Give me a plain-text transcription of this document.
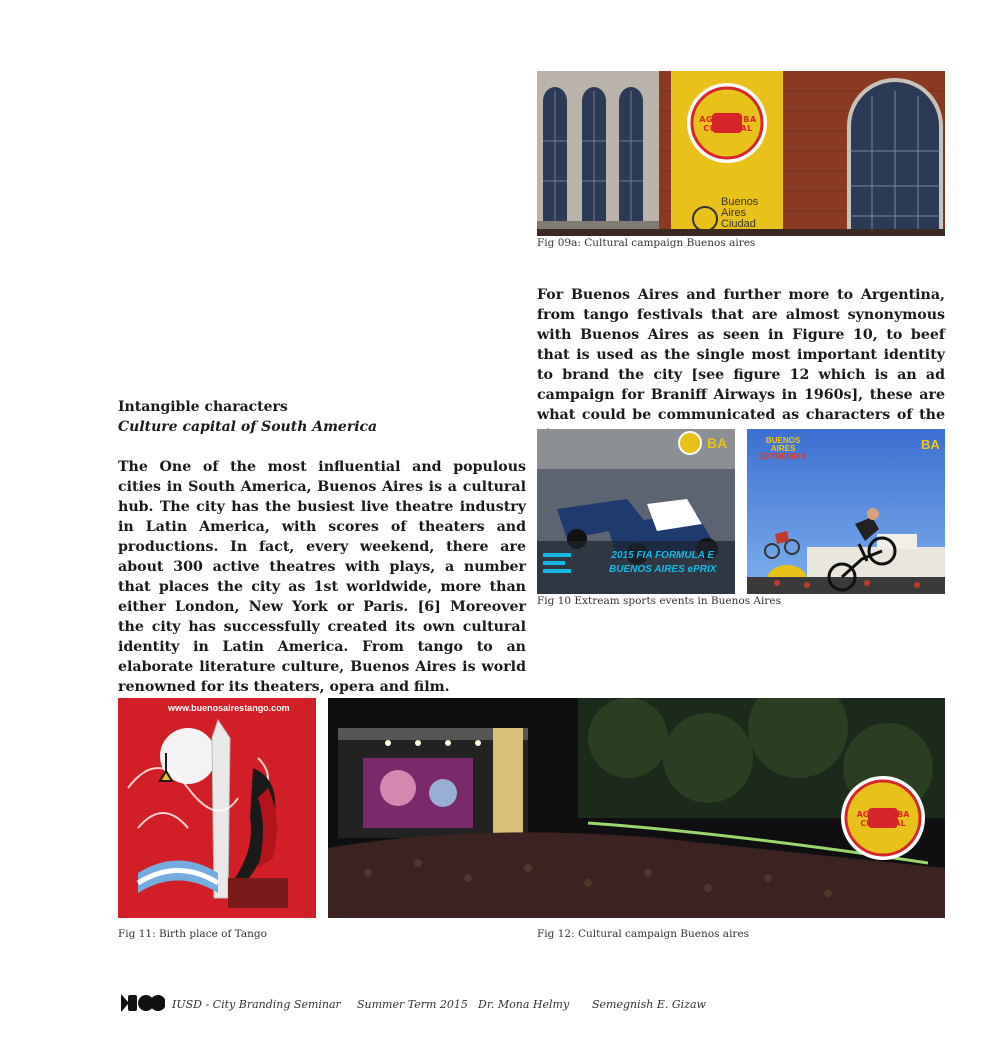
AGENDA BA CULTURAL
Buenos
Aires
Ciudad
Fig 09a: Cultural campaign Buenos aires
For Buenos Aires and further more to Argentina, from tango festivals that are almost synonymous with Buenos Aires as seen in Figure 10, to beef that is used as the single most important identity to brand the city [see figure 12 which is an ad campaign for Braniff Airways in 1960s], these are what could be communicated as characters of the
Intangible characters
Culture capital of South America
The One of the most influential and populous cities in South America, Buenos Aires is a cultural hub. The city has the busiest live theatre industry in Latin America, with scores of theaters and productions. In fact, every weekend, there are about 300 active theatres with plays, a number that places the city as 1st worldwide, more than either London, New York or Paris. [6] Moreover the city has successfully created its own cultural identity in Latin America. From tango to an elaborate literature culture, Buenos Aires is world renowned for its theaters, opera and film.
BA
2015 FIA FORMULA E
BUENOS AIRES ePRIX
BUENOS
AIRES
EXTREMO II
BA
Fig 10 Extream sports events in Buenos Aires
www.buenosairestango.com
Fig 11: Birth place of Tango
AGENDA BA CULTURAL
Fig 12: Cultural campaign Buenos aires
IUSD - City Branding Seminar Summer Term 2015 Dr. Mona Helmy Semegnish E. Gizaw
